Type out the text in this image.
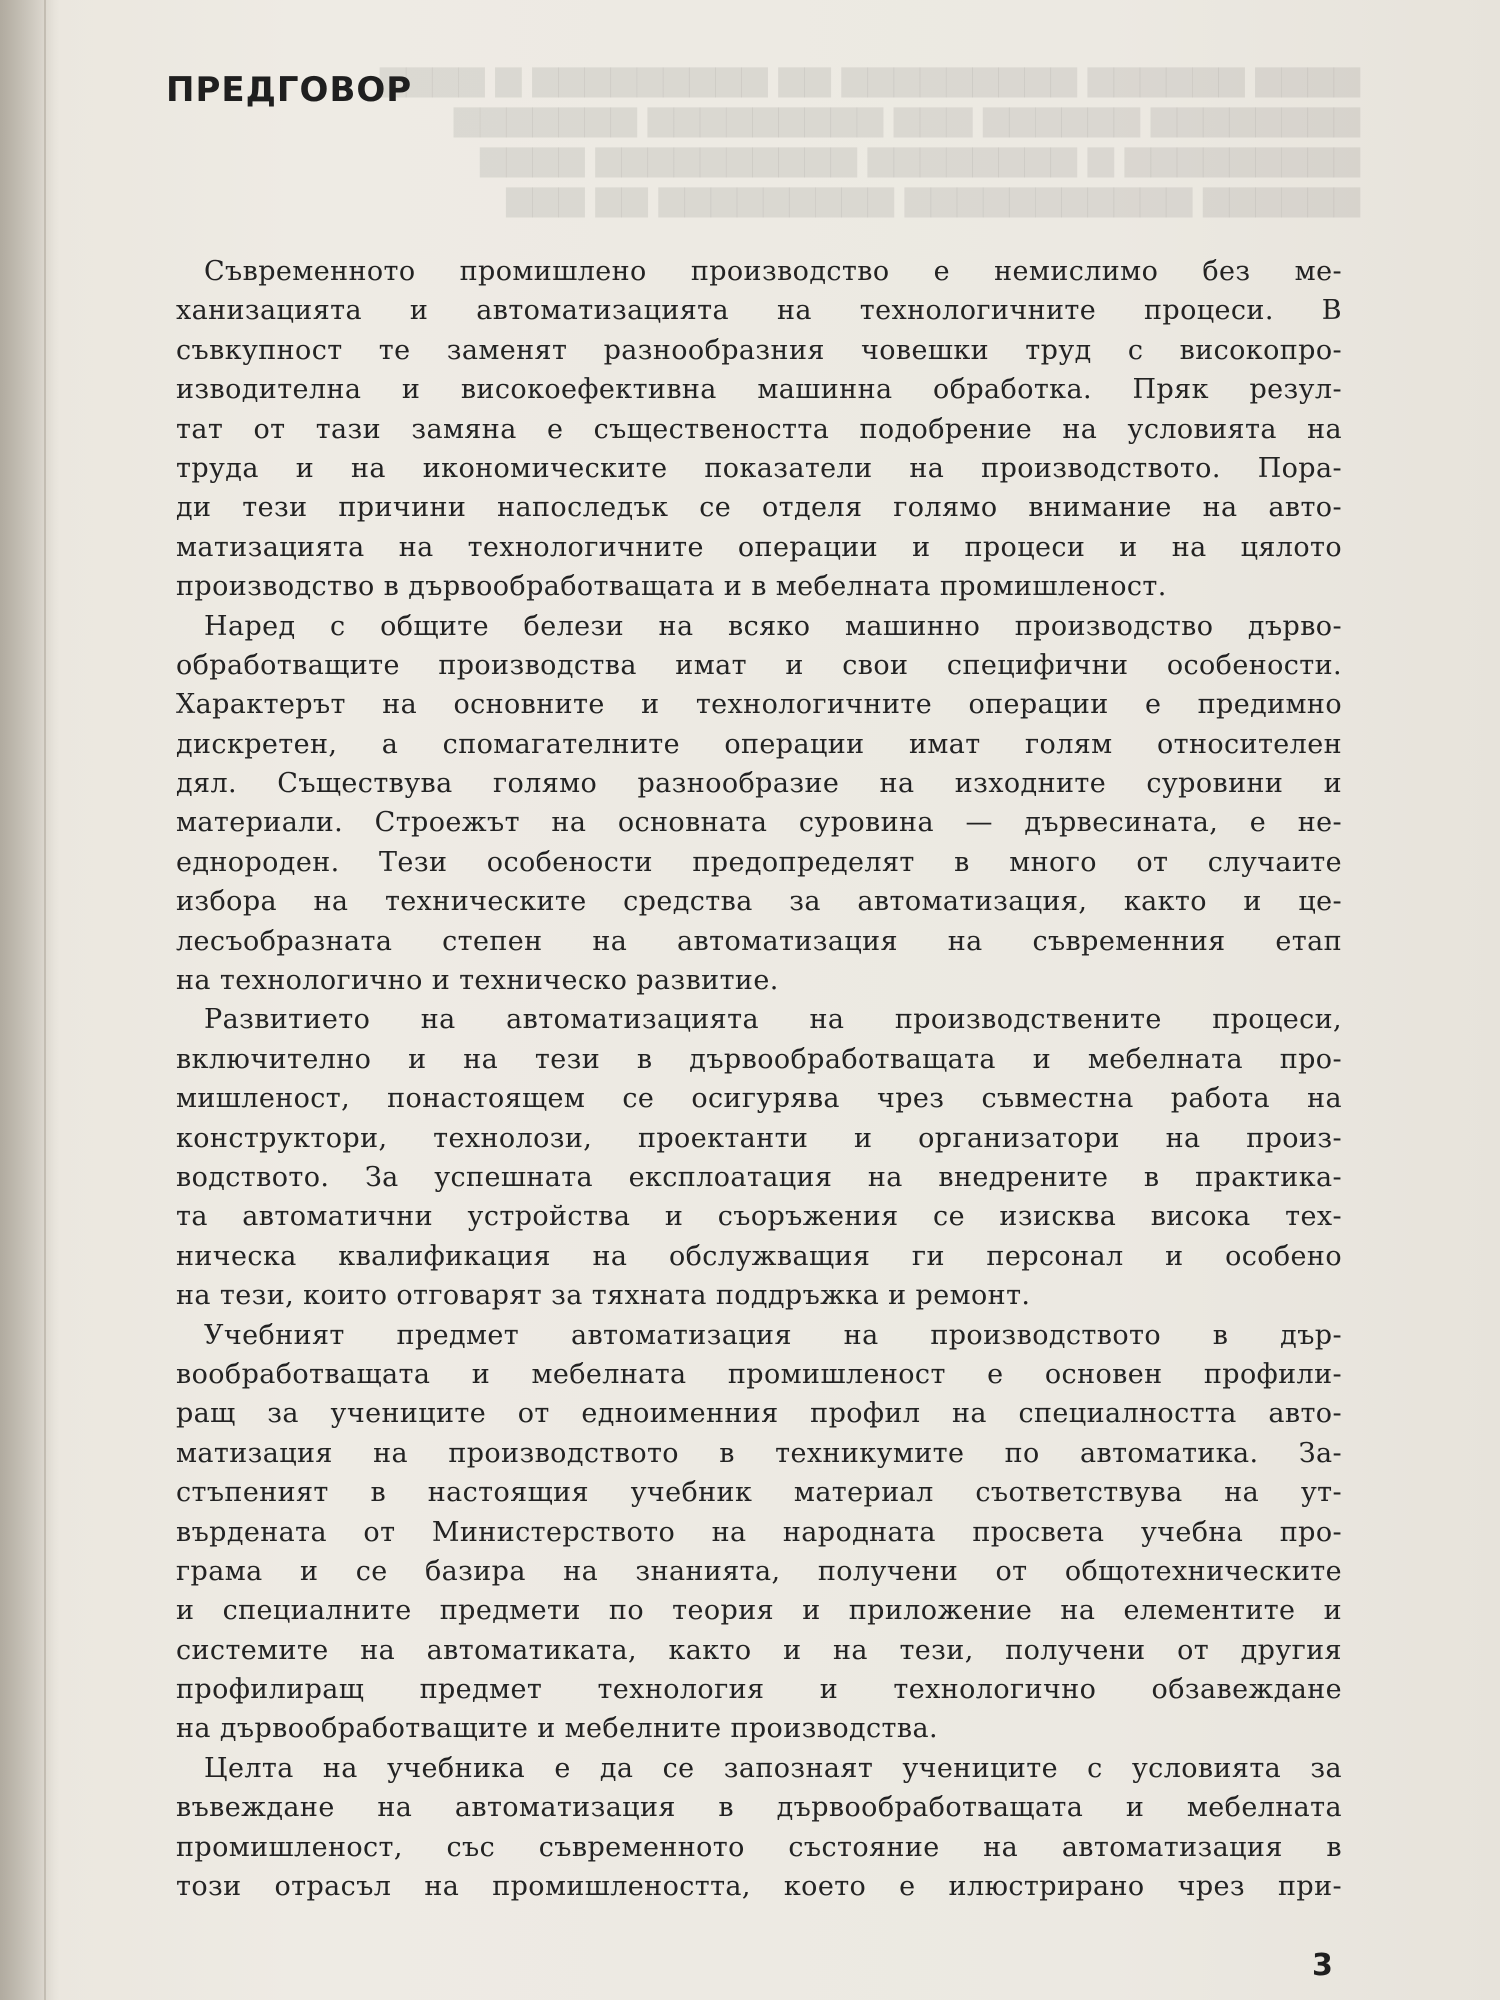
▆▆▆▆ ▆▆▆▆▆▆ ▆▆▆▆▆▆▆▆▆ ▆▆ ▆▆▆▆▆▆▆▆▆ ▆ ▆▆▆▆
▆▆▆▆▆▆▆▆ ▆▆▆▆▆▆ ▆▆▆ ▆▆▆▆▆▆▆▆▆ ▆▆▆▆▆▆▆
▆▆▆▆▆▆▆▆▆ ▆ ▆▆▆▆▆▆▆▆ ▆▆▆▆▆▆▆▆▆▆ ▆▆▆▆
▆▆▆▆▆▆ ▆▆▆▆▆▆▆▆▆▆▆ ▆▆▆▆▆▆▆▆▆ ▆▆ ▆▆▆
ПРЕДГОВОР
Съвременното промишлено производство е немислимо без ме-
ханизацията и автоматизацията на технологичните процеси. В
съвкупност те заменят разнообразния човешки труд с високопро-
изводителна и високоефективна машинна обработка. Пряк резул-
тат от тази замяна е съществеността подобрение на условията на
труда и на икономическите показатели на производството. Пора-
ди тези причини напоследък се отделя голямо внимание на авто-
матизацията на технологичните операции и процеси и на цялото
производство в дървообработващата и в мебелната промишленост.
Наред с общите белези на всяко машинно производство дърво-
обработващите производства имат и свои специфични особености.
Характерът на основните и технологичните операции е предимно
дискретен, а спомагателните операции имат голям относителен
дял. Съществува голямо разнообразие на изходните суровини и
материали. Строежът на основната суровина — дървесината, е не-
еднороден. Тези особености предопределят в много от случаите
избора на техническите средства за автоматизация, както и це-
лесъобразната степен на автоматизация на съвременния етап
на технологично и техническо развитие.
Развитието на автоматизацията на производствените процеси,
включително и на тези в дървообработващата и мебелната про-
мишленост, понастоящем се осигурява чрез съвместна работа на
конструктори, технолози, проектанти и организатори на произ-
водството. За успешната експлоатация на внедрените в практика-
та автоматични устройства и съоръжения се изисква висока тех-
ническа квалификация на обслужващия ги персонал и особено
на тези, които отговарят за тяхната поддръжка и ремонт.
Учебният предмет автоматизация на производството в дър-
вообработващата и мебелната промишленост е основен профили-
ращ за учениците от едноименния профил на специалността авто-
матизация на производството в техникумите по автоматика. За-
стъпеният в настоящия учебник материал съответствува на ут-
върдената от Министерството на народната просвета учебна про-
грама и се базира на знанията, получени от общотехническите
и специалните предмети по теория и приложение на елементите и
системите на автоматиката, както и на тези, получени от другия
профилиращ предмет технология и технологично обзавеждане
на дървообработващите и мебелните производства.
Целта на учебника е да се запознаят учениците с условията за
въвеждане на автоматизация в дървообработващата и мебелната
промишленост, със съвременното състояние на автоматизация в
този отрасъл на промишлеността, което е илюстрирано чрез при-
3
